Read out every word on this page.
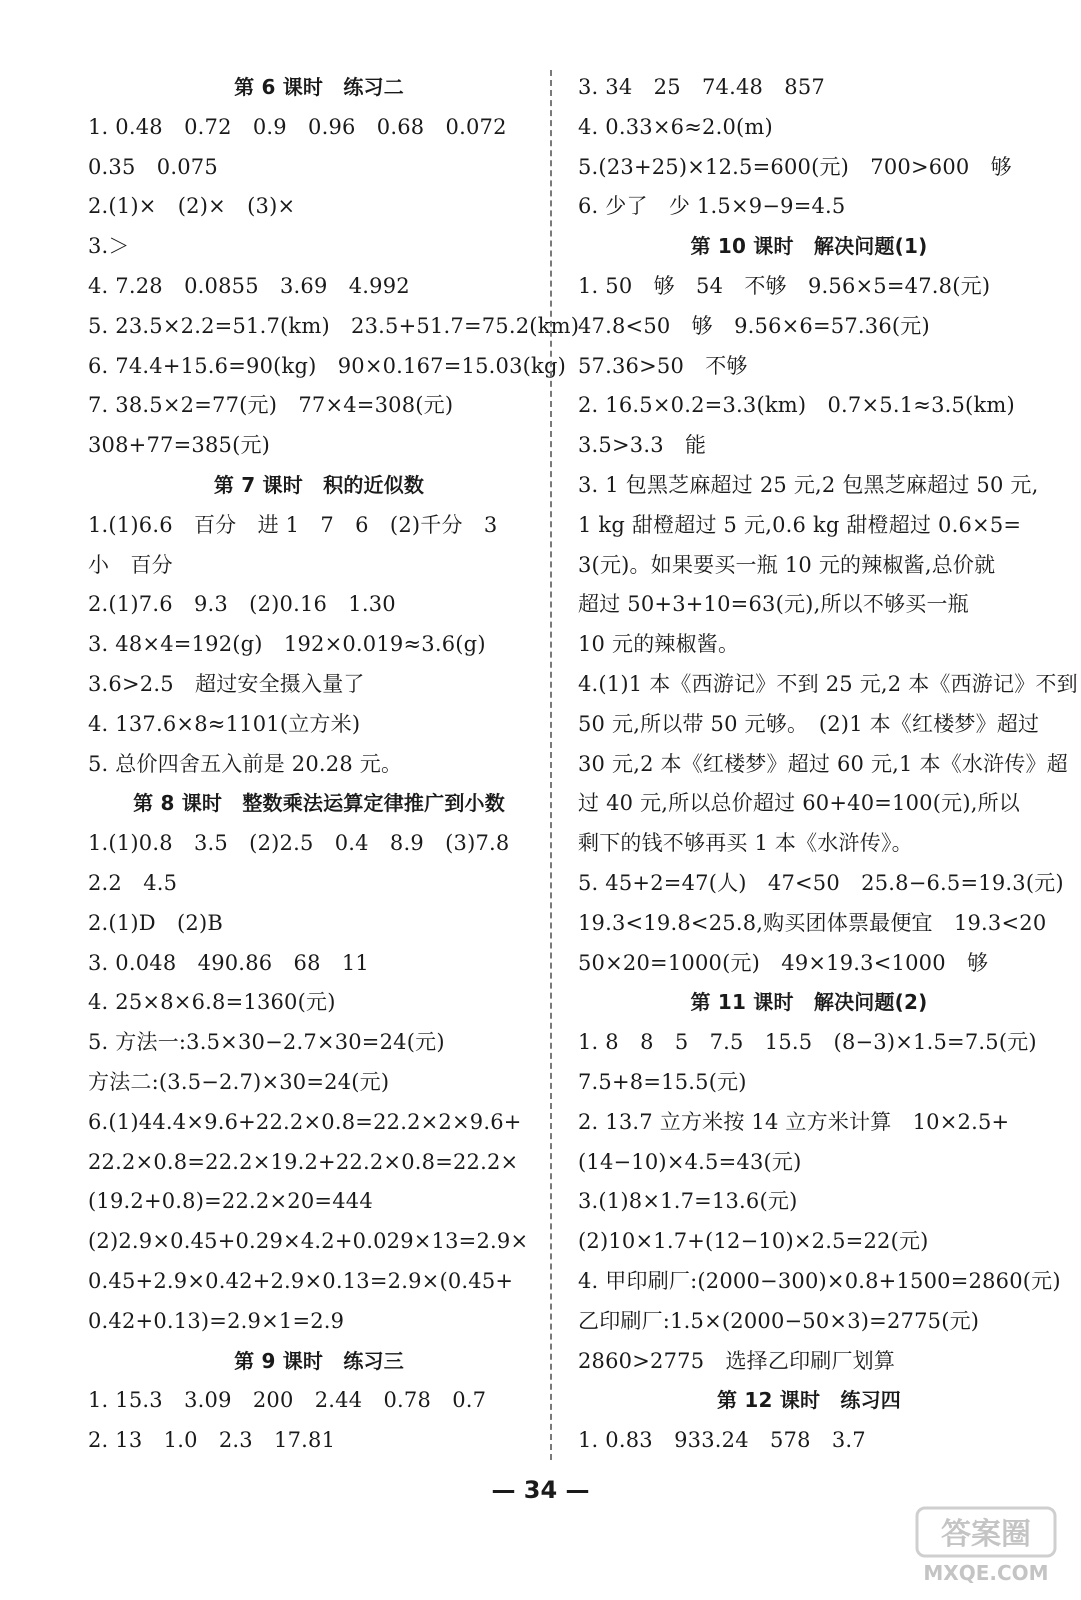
第 6 课时　练习二
1. 0.48　0.72　0.9　0.96　0.68　0.072
0.35　0.075
2.(1)×　(2)×　(3)×
3.＞
4. 7.28　0.0855　3.69　4.992
5. 23.5×2.2=51.7(km)　23.5+51.7=75.2(km)
6. 74.4+15.6=90(kg)　90×0.167=15.03(kg)
7. 38.5×2=77(元)　77×4=308(元)
308+77=385(元)
第 7 课时　积的近似数
1.(1)6.6　百分　进 1　7　6　(2)千分　3
小　百分
2.(1)7.6　9.3　(2)0.16　1.30
3. 48×4=192(g)　192×0.019≈3.6(g)
3.6>2.5　超过安全摄入量了
4. 137.6×8≈1101(立方米)
5. 总价四舍五入前是 20.28 元。
第 8 课时　整数乘法运算定律推广到小数
1.(1)0.8　3.5　(2)2.5　0.4　8.9　(3)7.8
2.2　4.5
2.(1)D　(2)B
3. 0.048　490.86　68　11
4. 25×8×6.8=1360(元)
5. 方法一:3.5×30−2.7×30=24(元)
方法二:(3.5−2.7)×30=24(元)
6.(1)44.4×9.6+22.2×0.8=22.2×2×9.6+
22.2×0.8=22.2×19.2+22.2×0.8=22.2×
(19.2+0.8)=22.2×20=444
(2)2.9×0.45+0.29×4.2+0.029×13=2.9×
0.45+2.9×0.42+2.9×0.13=2.9×(0.45+
0.42+0.13)=2.9×1=2.9
第 9 课时　练习三
1. 15.3　3.09　200　2.44　0.78　0.7
2. 13　1.0　2.3　17.81
3. 34　25　74.48　857
4. 0.33×6≈2.0(m)
5.(23+25)×12.5=600(元)　700>600　够
6. 少了　少 1.5×9−9=4.5
第 10 课时　解决问题(1)
1. 50　够　54　不够　9.56×5=47.8(元)
47.8<50　够　9.56×6=57.36(元)
57.36>50　不够
2. 16.5×0.2=3.3(km)　0.7×5.1≈3.5(km)
3.5>3.3　能
3. 1 包黑芝麻超过 25 元,2 包黑芝麻超过 50 元,
1 kg 甜橙超过 5 元,0.6 kg 甜橙超过 0.6×5=
3(元)。如果要买一瓶 10 元的辣椒酱,总价就
超过 50+3+10=63(元),所以不够买一瓶
10 元的辣椒酱。
4.(1)1 本《西游记》不到 25 元,2 本《西游记》不到
50 元,所以带 50 元够。　(2)1 本《红楼梦》超过
30 元,2 本《红楼梦》超过 60 元,1 本《水浒传》超
过 40 元,所以总价超过 60+40=100(元),所以
剩下的钱不够再买 1 本《水浒传》。
5. 45+2=47(人)　47<50　25.8−6.5=19.3(元)
19.3<19.8<25.8,购买团体票最便宜　19.3<20
50×20=1000(元)　49×19.3<1000　够
第 11 课时　解决问题(2)
1. 8　8　5　7.5　15.5　(8−3)×1.5=7.5(元)
7.5+8=15.5(元)
2. 13.7 立方米按 14 立方米计算　10×2.5+
(14−10)×4.5=43(元)
3.(1)8×1.7=13.6(元)
(2)10×1.7+(12−10)×2.5=22(元)
4. 甲印刷厂:(2000−300)×0.8+1500=2860(元)
乙印刷厂:1.5×(2000−50×3)=2775(元)
2860>2775　选择乙印刷厂划算
第 12 课时　练习四
1. 0.83　933.24　578　3.7
— 34 —
答案圈
MXQE.COM
